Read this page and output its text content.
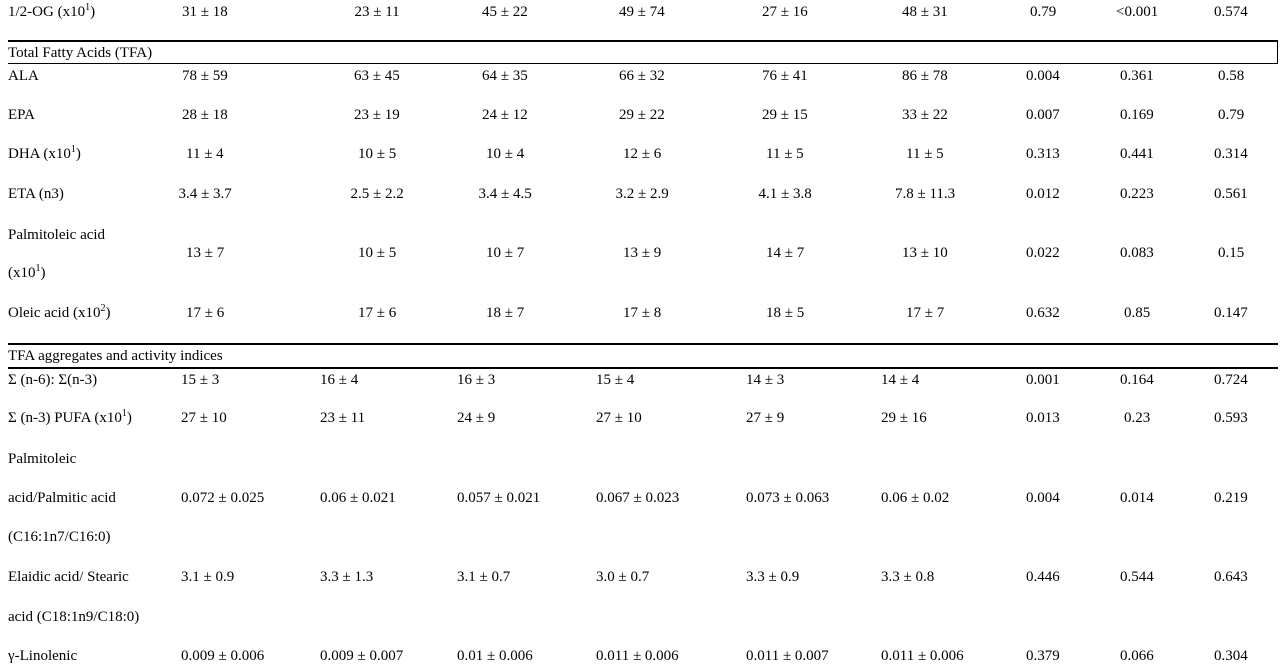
1/2-OG $(x10^1)$	31 ± 18	23 ± 11	45 ± 22	49 ± 74	27 ± 16	48 ± 31	0.79	<0.001	0.574
Total Fatty Acids (TFA)
ALA	78 ± 59	63 ± 45	64 ± 35	66 ± 32	76 ± 41	86 ± 78	0.004	0.361	0.58
EPA	28 ± 18	23 ± 19	24 ± 12	29 ± 22	29 ± 15	33 ± 22	0.007	0.169	0.79
DHA $(x10^1)$	11 ± 4	10 ± 5	10 ± 4	12 ± 6	11 ± 5	11 ± 5	0.313	0.441	0.314
ETA (n3)	3.4 ± 3.7	2.5 ± 2.2	3.4 ± 4.5	3.2 ± 2.9	4.1 ± 3.8	7.8 ± 11.3	0.012	0.223	0.561
Palmitoleic acid
$(x10^1)$
13 ± 7	10 ± 5	10 ± 7	13 ± 9	14 ± 7	13 ± 10	0.022	0.083	0.15
Oleic acid $(x10^2)$	17 ± 6	17 ± 6	18 ± 7	17 ± 8	18 ± 5	17 ± 7	0.632	0.85	0.147
TFA aggregates and activity indices
Σ (n-6): Σ(n-3)	15 ± 3	16 ± 4	16 ± 3	15 ± 4	14 ± 3	14 ± 4	0.001	0.164	0.724
Σ (n-3) PUFA $(x10^1)$	27 ± 10	23 ± 11	24 ± 9	27 ± 10	27 ± 9	29 ± 16	0.013	0.23	0.593
Palmitoleic
acid/Palmitic acid
(C16:1n7/C16:0)
0.072 ± 0.025	0.06 ± 0.021	0.057 ± 0.021	0.067 ± 0.023	0.073 ± 0.063	0.06 ± 0.02	0.004	0.014	0.219
Elaidic acid/ Stearic
acid (C18:1n9/C18:0)
3.1 ± 0.9	3.3 ± 1.3	3.1 ± 0.7	3.0 ± 0.7	3.3 ± 0.9	3.3 ± 0.8	0.446	0.544	0.643
γ-Linolenic	0.009 ± 0.006	0.009 ± 0.007	0.01 ± 0.006	0.011 ± 0.006	0.011 ± 0.007	0.011 ± 0.006	0.379	0.066	0.304
